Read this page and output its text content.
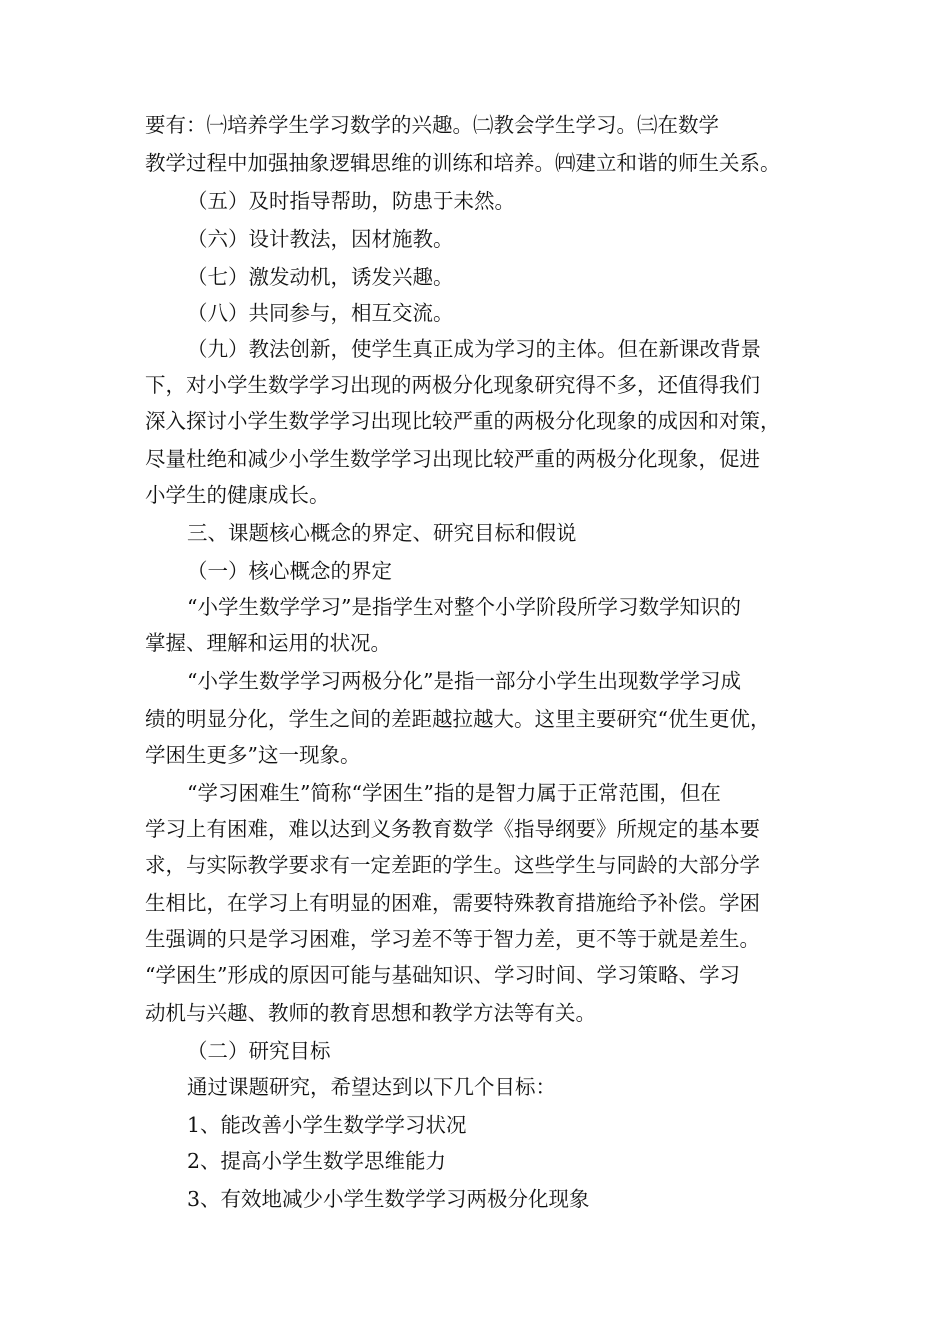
要有：㈠培养学生学习数学的兴趣。㈡教会学生学习。㈢在数学
教学过程中加强抽象逻辑思维的训练和培养。㈣建立和谐的师生关系。
（五）及时指导帮助，防患于未然。
（六）设计教法，因材施教。
（七）激发动机，诱发兴趣。
（八）共同参与，相互交流。
（九）教法创新，使学生真正成为学习的主体。但在新课改背景
下，对小学生数学学习出现的两极分化现象研究得不多，还值得我们
深入探讨小学生数学学习出现比较严重的两极分化现象的成因和对策，
尽量杜绝和减少小学生数学学习出现比较严重的两极分化现象，促进
小学生的健康成长。
三、课题核心概念的界定、研究目标和假说
（一）核心概念的界定
“小学生数学学习”是指学生对整个小学阶段所学习数学知识的
掌握、理解和运用的状况。
“小学生数学学习两极分化”是指一部分小学生出现数学学习成
绩的明显分化，学生之间的差距越拉越大。这里主要研究“优生更优，
学困生更多”这一现象。
“学习困难生”简称“学困生”指的是智力属于正常范围，但在
学习上有困难，难以达到义务教育数学《指导纲要》所规定的基本要
求，与实际教学要求有一定差距的学生。这些学生与同龄的大部分学
生相比，在学习上有明显的困难，需要特殊教育措施给予补偿。学困
生强调的只是学习困难，学习差不等于智力差，更不等于就是差生。
“学困生”形成的原因可能与基础知识、学习时间、学习策略、学习
动机与兴趣、教师的教育思想和教学方法等有关。
（二）研究目标
通过课题研究，希望达到以下几个目标：
1、能改善小学生数学学习状况
2、提高小学生数学思维能力
3、有效地减少小学生数学学习两极分化现象
